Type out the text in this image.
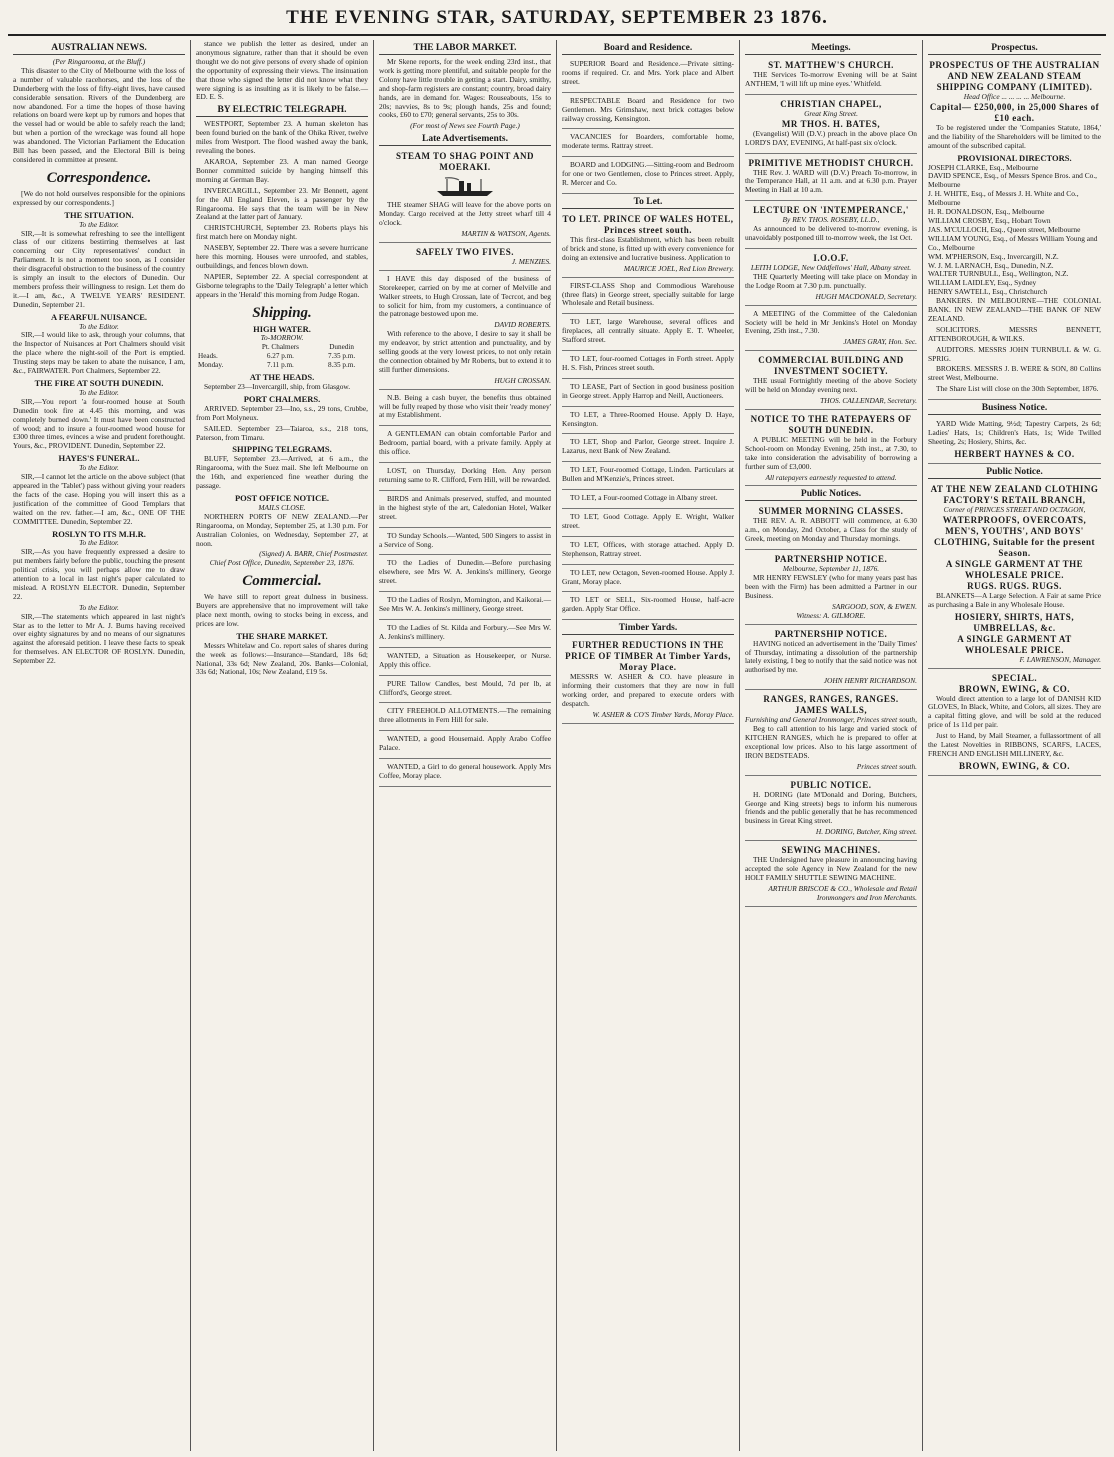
THE EVENING STAR, SATURDAY, SEPTEMBER 23 1876.
AUSTRALIAN NEWS.
(Per Ringarooma, at the Bluff.)

This disaster to the City of Melbourne with the loss of a number of valuable racehorses, and the loss of the Dunderberg with the loss of fifty-eight lives, have caused considerable sensation. Rivers of the Dundenberg are now abandoned. For a time the hopes of those having relations on board were kept up by rumors and hopes that the vessel had or would be able to safely reach the land; but when a portion of the wreckage was found all hope was abandoned. The Victorian Parliament the Education Bill has been passed, and the Electoral Bill is being considered in committee at present.

Correspondence.

[We do not hold ourselves responsible for the opinions expressed by our correspondents.]

THE SITUATION.
To the Editor.

SIR,—It is somewhat refreshing to see the intelligent class of our citizens bestirring themselves at last concerning our City representatives' conduct in Parliament. It is not a moment too soon, as I consider their disgraceful obstruction to the business of the country is simply an insult to the electors of Dunedin. Our members profess their willingness to resign. Let them do it.—I am, &c., A TWELVE YEARS' RESIDENT. Dunedin, September 21.

A FEARFUL NUISANCE.
To the Editor.

SIR,—I would like to ask, through your columns, that the Inspector of Nuisances at Port Chalmers should visit the place where the night-soil of the Port is emptied. Trusting steps may be taken to abate the nuisance, I am, &c., FAIRWATER. Port Chalmers, September 22.

THE FIRE AT SOUTH DUNEDIN.
To the Editor.

SIR,—You report 'a four-roomed house at South Dunedin took fire at 4.45 this morning, and was completely burned down.' It must have been constructed of wood; and to insure a four-roomed wood house for £300 three times, evinces a wise and prudent forethought. Yours, &c., PROVIDENT. Dunedin, September 22.

HAYES'S FUNERAL.
To the Editor.

SIR,—I cannot let the article on the above subject (that appeared in the 'Tablet') pass without giving your readers the facts of the case. Hoping you will insert this as a justification of the committee of Good Templars that waited on the rev. father.—I am, &c., ONE OF THE COMMITTEE. Dunedin, September 22.

ROSLYN TO ITS M.H.R.
To the Editor.

SIR,—As you have frequently expressed a desire to put members fairly before the public, touching the present political crisis, you will perhaps allow me to draw attention to a local in last night's paper calculated to mislead. A ROSLYN ELECTOR. Dunedin, September 22.

To the Editor.

SIR,—The statements which appeared in last night's Star as to the letter to Mr A. J. Burns having received over eighty signatures by and no means of our signatures against the aforesaid petition. I leave these facts to speak for themselves. AN ELECTOR OF ROSLYN. Dunedin, September 22.

stance we publish the letter as desired, under an anonymous signature, rather than that it should be even thought we do not give persons of every shade of opinion the opportunity of expressing their views. The insinuation that those who signed the letter did not know what they were signing is as insulting as it is likely to be false.—ED. E. S.

BY ELECTRIC TELEGRAPH.

WESTPORT, September 23. A human skeleton has been found buried on the bank of the Ohika River, twelve miles from Westport. The flood washed away the bank, revealing the bones.

AKAROA, September 23. A man named George Bonner committed suicide by hanging himself this morning at German Bay.

INVERCARGILL, September 23. Mr Bennett, agent for the All England Eleven, is a passenger by the Ringarooma. He says that the team will be in New Zealand at the latter part of January.

CHRISTCHURCH, September 23. Roberts plays his first match here on Monday night.

NASEBY, September 22. There was a severe hurricane here this morning. Houses were unroofed, and stables, outbuildings, and fences blown down.

NAPIER, September 22. A special correspondent at Gisborne telegraphs to the 'Daily Telegraph' a letter which appears in the 'Herald' this morning from Judge Rogan.

Shipping.
HIGH WATER.
To-MORROW.
	Pt. Chalmers	Dunedin
Heads.	6.27 p.m.	7.35 p.m.
Monday.	7.11 p.m.	8.35 p.m.
AT THE HEADS.

September 23—Invercargill, ship, from Glasgow.

PORT CHALMERS.

ARRIVED. September 23—Ino, s.s., 29 tons, Crubbe, from Port Molyneux.

SAILED. September 23—Taiaroa, s.s., 218 tons, Paterson, from Timaru.

SHIPPING TELEGRAMS.

BLUFF, September 23.—Arrived, at 6 a.m., the Ringarooma, with the Suez mail. She left Melbourne on the 16th, and experienced fine weather during the passage.

POST OFFICE NOTICE.
MAILS CLOSE.

NORTHERN PORTS OF NEW ZEALAND.—Per Ringarooma, on Monday, September 25, at 1.30 p.m. For Australian Colonies, on Wednesday, September 27, at noon.

(Signed) A. BARR, Chief Postmaster.
Chief Post Office, Dunedin, September 23, 1876.
Commercial.

We have still to report great dulness in business. Buyers are apprehensive that no improvement will take place next month, owing to stocks being in excess, and prices are low.

THE SHARE MARKET.

Messrs Whitelaw and Co. report sales of shares during the week as follows:—Insurance—Standard, 18s 6d; National, 33s 6d; New Zealand, 20s. Banks—Colonial, 33s 6d; National, 10s; New Zealand, £19 5s.

THE LABOR MARKET.

Mr Skene reports, for the week ending 23rd inst., that work is getting more plentiful, and suitable people for the Colony have little trouble in getting a start. Dairy, smithy, and shop-farm registers are constant; country, broad dairy hands, are in demand for. Wages: Rouseabouts, 15s to 20s; navvies, 8s to 9s; plough hands, 25s and found; cooks, £60 to £70; general servants, 25s to 30s.

(For most of News see Fourth Page.)
Late Advertisements.
STEAM TO SHAG POINT AND MOERAKI.

THE steamer SHAG will leave for the above ports on Monday. Cargo received at the Jetty street wharf till 4 o'clock.

MARTIN & WATSON, Agents.
SAFELY TWO FIVES.
J. MENZIES.

I HAVE this day disposed of the business of Storekeeper, carried on by me at corner of Melville and Walker streets, to Hugh Crossan, late of Tecrcot, and beg to solicit for him, from my customers, a continuance of the patronage bestowed upon me.

DAVID ROBERTS.

With reference to the above, I desire to say it shall be my endeavor, by strict attention and punctuality, and by selling goods at the very lowest prices, to not only retain the connection obtained by Mr Roberts, but to extend it to still further dimensions.

HUGH CROSSAN.

N.B. Being a cash buyer, the benefits thus obtained will be fully reaped by those who visit their 'ready money' at my Establishment.

A GENTLEMAN can obtain comfortable Parlor and Bedroom, partial board, with a private family. Apply at this office.

LOST, on Thursday, Dorking Hen. Any person returning same to R. Clifford, Fern Hill, will be rewarded.

BIRDS and Animals preserved, stuffed, and mounted in the highest style of the art, Caledonian Hotel, Walker street.

TO Sunday Schools.—Wanted, 500 Singers to assist in a Service of Song.

TO the Ladies of Dunedin.—Before purchasing elsewhere, see Mrs W. A. Jenkins's millinery, George street.

TO the Ladies of Roslyn, Mornington, and Kaikorai.—See Mrs W. A. Jenkins's millinery, George street.

TO the Ladies of St. Kilda and Forbury.—See Mrs W. A. Jenkins's millinery.

WANTED, a Situation as Housekeeper, or Nurse. Apply this office.

PURE Tallow Candles, best Mould, 7d per lb, at Clifford's, George street.

CITY FREEHOLD ALLOTMENTS.—The remaining three allotments in Fern Hill for sale.

WANTED, a good Housemaid. Apply Arabo Coffee Palace.

WANTED, a Girl to do general housework. Apply Mrs Coffee, Moray place.

Board and Residence.

SUPERIOR Board and Residence.—Private sitting-rooms if required. Cr. and Mrs. York place and Albert street.

RESPECTABLE Board and Residence for two Gentlemen. Mrs Grimshaw, next brick cottages below railway crossing, Kensington.

VACANCIES for Boarders, comfortable home, moderate terms. Rattray street.

BOARD and LODGING.—Sitting-room and Bedroom for one or two Gentlemen, close to Princes street. Apply, R. Mercer and Co.

To Let.
TO LET. PRINCE OF WALES HOTEL, Princes street south.

This first-class Establishment, which has been rebuilt of brick and stone, is fitted up with every convenience for doing an extensive and lucrative business. Application to

MAURICE JOEL, Red Lion Brewery.

FIRST-CLASS Shop and Commodious Warehouse (three flats) in George street, specially suitable for large Wholesale and Retail business.

TO LET, large Warehouse, several offices and fireplaces, all centrally situate. Apply E. T. Wheeler, Stafford street.

TO LET, four-roomed Cottages in Forth street. Apply H. S. Fish, Princes street south.

TO LEASE, Part of Section in good business position in George street. Apply Harrop and Neill, Auctioneers.

TO LET, a Three-Roomed House. Apply D. Haye, Kensington.

TO LET, Shop and Parlor, George street. Inquire J. Lazarus, next Bank of New Zealand.

TO LET, Four-roomed Cottage, Linden. Particulars at Bullen and M'Kenzie's, Princes street.

TO LET, a Four-roomed Cottage in Albany street.

TO LET, Good Cottage. Apply E. Wright, Walker street.

TO LET, Offices, with storage attached. Apply D. Stephenson, Rattray street.

TO LET, new Octagon, Seven-roomed House. Apply J. Grant, Moray place.

TO LET or SELL, Six-roomed House, half-acre garden. Apply Star Office.

Timber Yards.
FURTHER REDUCTIONS IN THE PRICE OF TIMBER At Timber Yards, Moray Place.

MESSRS W. ASHER & CO. have pleasure in informing their customers that they are now in full working order, and prepared to execute orders with despatch.

W. ASHER & CO'S Timber Yards, Moray Place.
Meetings.
ST. MATTHEW'S CHURCH.

THE Services To-morrow Evening will be at Saint ANTHEM, 'I will lift up mine eyes.' Whitfeld.

CHRISTIAN CHAPEL,
Great King Street.
MR THOS. H. BATES,

(Evangelist) Will (D.V.) preach in the above place On LORD'S DAY, EVENING, At half-past six o'clock.

PRIMITIVE METHODIST CHURCH.

THE Rev. J. WARD will (D.V.) Preach To-morrow, in the Temperance Hall, at 11 a.m. and at 6.30 p.m. Prayer Meeting in Hall at 10 a.m.

LECTURE ON 'INTEMPERANCE,'
By REV. THOS. ROSEBY, LL.D.,

As announced to be delivered to-morrow evening, is unavoidably postponed till to-morrow week, the 1st Oct.

I.O.O.F.
LEITH LODGE, New Oddfellows' Hall, Albany street.

THE Quarterly Meeting will take place on Monday in the Lodge Room at 7.30 p.m. punctually.

HUGH MACDONALD, Secretary.

A MEETING of the Committee of the Caledonian Society will be held in Mr Jenkins's Hotel on Monday Evening, 25th inst., 7.30.

JAMES GRAY, Hon. Sec.
COMMERCIAL BUILDING AND INVESTMENT SOCIETY.

THE usual Fortnightly meeting of the above Society will be held on Monday evening next.

THOS. CALLENDAR, Secretary.
NOTICE TO THE RATEPAYERS OF SOUTH DUNEDIN.

A PUBLIC MEETING will be held in the Forbury School-room on Monday Evening, 25th inst., at 7.30, to take into consideration the advisability of borrowing a further sum of £3,000.

All ratepayers earnestly requested to attend.
Public Notices.
SUMMER MORNING CLASSES.

THE REV. A. R. ABBOTT will commence, at 6.30 a.m., on Monday, 2nd October, a Class for the study of Greek, meeting on Monday and Thursday mornings.

PARTNERSHIP NOTICE.
Melbourne, September 11, 1876.

MR HENRY FEWSLEY (who for many years past has been with the Firm) has been admitted a Partner in our Business.

SARGOOD, SON, & EWEN.
Witness: A. GILMORE.
PARTNERSHIP NOTICE.

HAVING noticed an advertisement in the 'Daily Times' of Thursday, intimating a dissolution of the partnership lately existing, I beg to notify that the said notice was not authorised by me.

JOHN HENRY RICHARDSON.
RANGES, RANGES, RANGES.
JAMES WALLS,
Furnishing and General Ironmonger, Princes street south,

Beg to call attention to his large and varied stock of KITCHEN RANGES, which he is prepared to offer at exceptional low prices. Also to his large assortment of IRON BEDSTEADS.

Princes street south.
PUBLIC NOTICE.

H. DORING (late M'Donald and Doring, Butchers, George and King streets) begs to inform his numerous friends and the public generally that he has recommenced business in Great King street.

H. DORING, Butcher, King street.
SEWING MACHINES.

THE Undersigned have pleasure in announcing having accepted the sole Agency in New Zealand for the new HOLT FAMILY SHUTTLE SEWING MACHINE.

ARTHUR BRISCOE & CO., Wholesale and Retail Ironmongers and Iron Merchants.
Prospectus.
PROSPECTUS OF THE AUSTRALIAN AND NEW ZEALAND STEAM SHIPPING COMPANY (LIMITED).
Head Office ... ... ... ... Melbourne.
Capital— £250,000, in 25,000 Shares of £10 each.

To be registered under the 'Companies Statute, 1864,' and the liability of the Shareholders will be limited to the amount of the subscribed capital.

PROVISIONAL DIRECTORS.
JOSEPH CLARKE, Esq., Melbourne
DAVID SPENCE, Esq., of Messrs Spence Bros. and Co., Melbourne
J. H. WHITE, Esq., of Messrs J. H. White and Co., Melbourne
H. R. DONALDSON, Esq., Melbourne
WILLIAM CROSBY, Esq., Hobart Town
JAS. M'CULLOCH, Esq., Queen street, Melbourne
WILLIAM YOUNG, Esq., of Messrs William Young and Co., Melbourne
WM. M'PHERSON, Esq., Invercargill, N.Z.
W. J. M. LARNACH, Esq., Dunedin, N.Z.
WALTER TURNBULL, Esq., Wellington, N.Z.
WILLIAM LAIDLEY, Esq., Sydney
HENRY SAWTELL, Esq., Christchurch

BANKERS. IN MELBOURNE—THE COLONIAL BANK. IN NEW ZEALAND—THE BANK OF NEW ZEALAND.

SOLICITORS. MESSRS BENNETT, ATTENBOROUGH, & WILKS.

AUDITORS. MESSRS JOHN TURNBULL & W. G. SPRIG.

BROKERS. MESSRS J. B. WERE & SON, 80 Collins street West, Melbourne.

The Share List will close on the 30th September, 1876.

Business Notice.

YARD Wide Matting, 9½d; Tapestry Carpets, 2s 6d; Ladies' Hats, 1s; Children's Hats, 1s; Wide Twilled Sheeting, 2s; Hosiery, Shirts, &c.

HERBERT HAYNES & CO.
Public Notice.
AT THE NEW ZEALAND CLOTHING FACTORY'S RETAIL BRANCH,
Corner of PRINCES STREET AND OCTAGON,
WATERPROOFS, OVERCOATS, MEN'S, YOUTHS', AND BOYS' CLOTHING, Suitable for the present Season.
A SINGLE GARMENT AT THE WHOLESALE PRICE.
RUGS. RUGS. RUGS.

BLANKETS—A Large Selection. A Fair at same Price as purchasing a Bale in any Wholesale House.

HOSIERY, SHIRTS, HATS, UMBRELLAS, &c.
A SINGLE GARMENT AT WHOLESALE PRICE.
F. LAWRENSON, Manager.
SPECIAL.
BROWN, EWING, & CO.

Would direct attention to a large lot of DANISH KID GLOVES, In Black, White, and Colors, all sizes. They are a capital fitting glove, and will be sold at the reduced price of 1s 11d per pair.

Just to Hand, by Mail Steamer, a fullassortment of all the Latest Novelties in RIBBONS, SCARFS, LACES, FRENCH AND ENGLISH MILLINERY, &c.

BROWN, EWING, & CO.
